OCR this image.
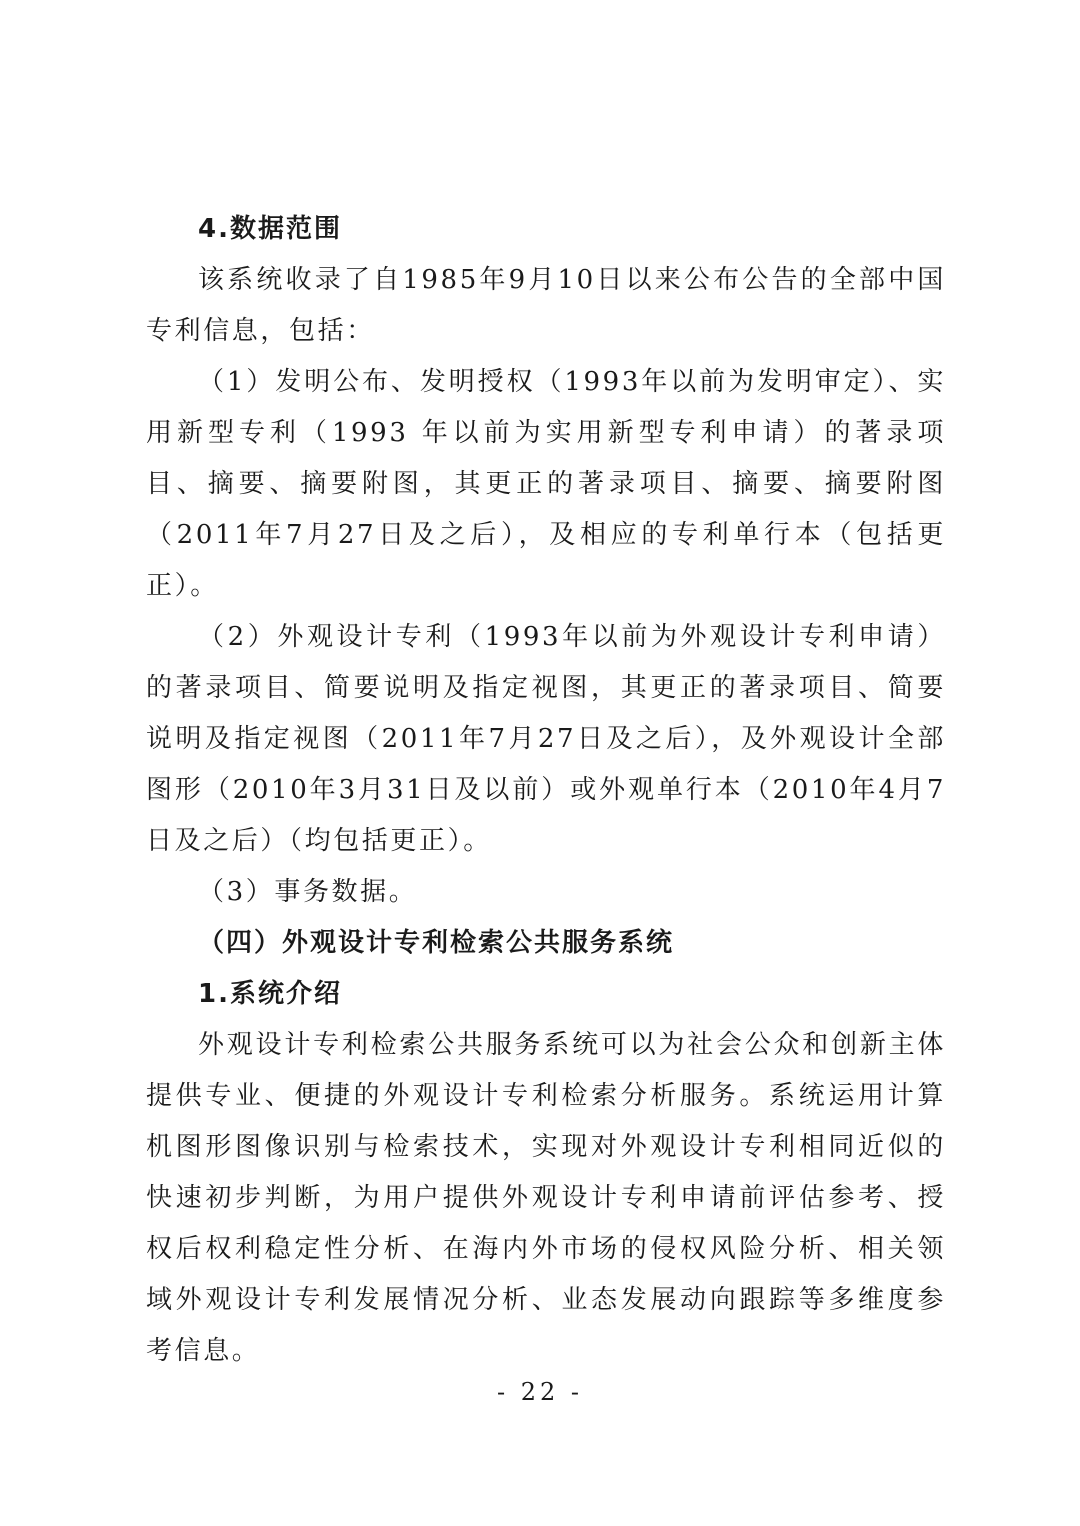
4.数据范围

该系统收录了自1985年9月10日以来公布公告的全部中国专利信息，包括：

（1）发明公布、发明授权（1993年以前为发明审定）、实用新型专利（1993 年以前为实用新型专利申请）的著录项目、摘要、摘要附图，其更正的著录项目、摘要、摘要附图（2011年7月27日及之后），及相应的专利单行本（包括更正）。

（2）外观设计专利（1993年以前为外观设计专利申请）的著录项目、简要说明及指定视图，其更正的著录项目、简要说明及指定视图（2011年7月27日及之后），及外观设计全部图形（2010年3月31日及以前）或外观单行本（2010年4月7日及之后）（均包括更正）。

（3）事务数据。

（四）外观设计专利检索公共服务系统

1.系统介绍

外观设计专利检索公共服务系统可以为社会公众和创新主体提供专业、便捷的外观设计专利检索分析服务。系统运用计算机图形图像识别与检索技术，实现对外观设计专利相同近似的快速初步判断，为用户提供外观设计专利申请前评估参考、授权后权利稳定性分析、在海内外市场的侵权风险分析、相关领域外观设计专利发展情况分析、业态发展动向跟踪等多维度参考信息。

- 22 -
